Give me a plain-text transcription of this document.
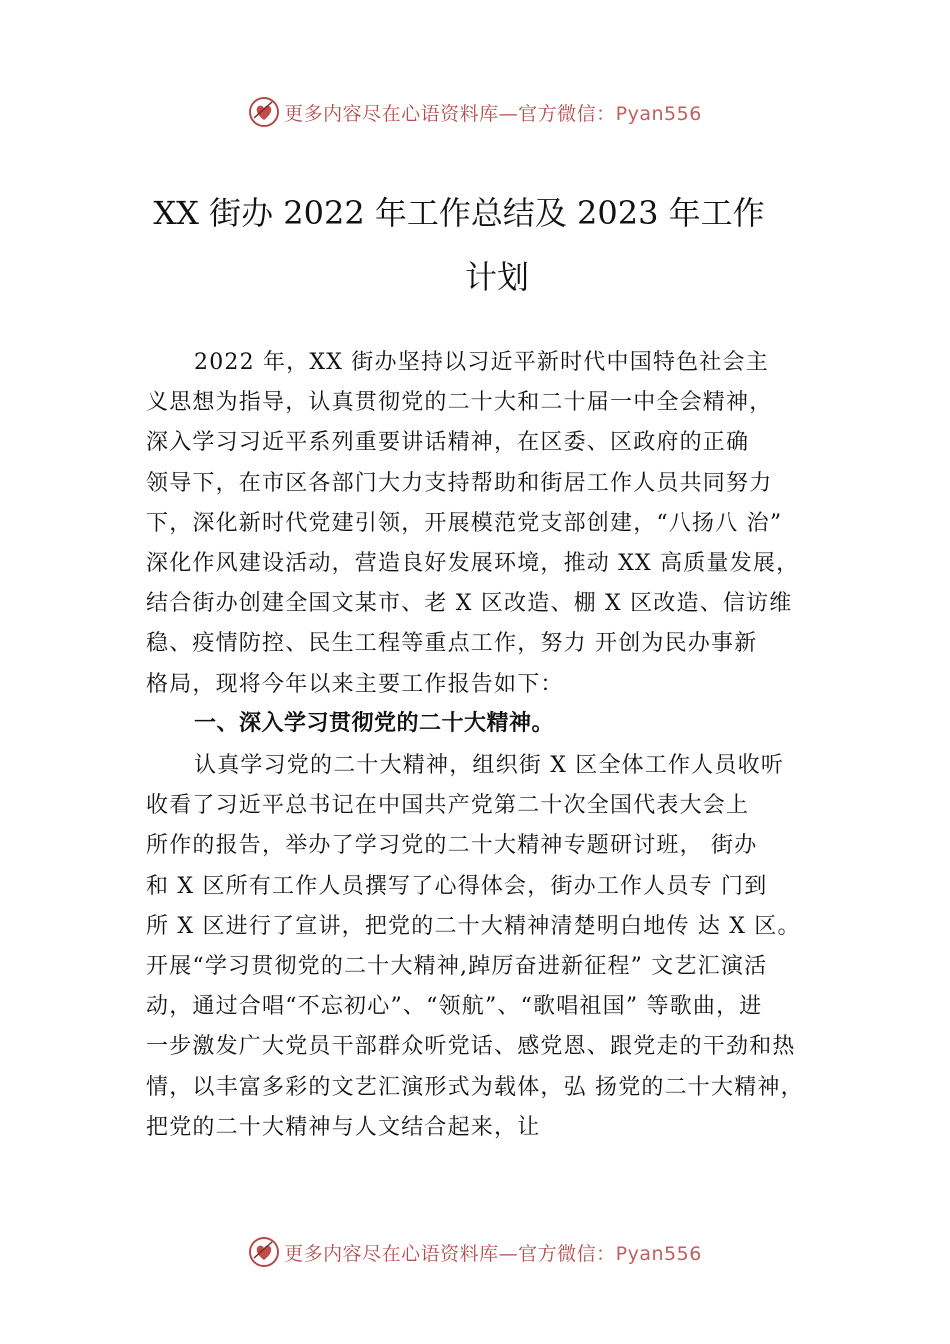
更多内容尽在心语资料库—官方微信：Pyan556
XX 街办 2022 年工作总结及 2023 年工作
计划
2022 年，XX 街办坚持以习近平新时代中国特色社会主
义思想为指导，认真贯彻党的二十大和二十届一中全会精神，
深入学习习近平系列重要讲话精神，在区委、区政府的正确
领导下，在市区各部门大力支持帮助和街居工作人员共同努力
下，深化新时代党建引领，开展模范党支部创建，“八扬八 治”
深化作风建设活动，营造良好发展环境，推动 XX 高质量发展，
结合街办创建全国文某市、老 X 区改造、棚 X 区改造、信访维
稳、疫情防控、民生工程等重点工作，努力 开创为民办事新
格局，现将今年以来主要工作报告如下：
一、深入学习贯彻党的二十大精神。
认真学习党的二十大精神，组织街 X 区全体工作人员收听
收看了习近平总书记在中国共产党第二十次全国代表大会上
所作的报告，举办了学习党的二十大精神专题研讨班， 街办
和 X 区所有工作人员撰写了心得体会，街办工作人员专 门到
所 X 区进行了宣讲，把党的二十大精神清楚明白地传 达 X 区。
开展“学习贯彻党的二十大精神,踔厉奋进新征程” 文艺汇演活
动，通过合唱“不忘初心”、“领航”、“歌唱祖国” 等歌曲，进
一步激发广大党员干部群众听党话、感党恩、跟党走的干劲和热
情，以丰富多彩的文艺汇演形式为载体，弘 扬党的二十大精神，
把党的二十大精神与人文结合起来，让
更多内容尽在心语资料库—官方微信：Pyan556
